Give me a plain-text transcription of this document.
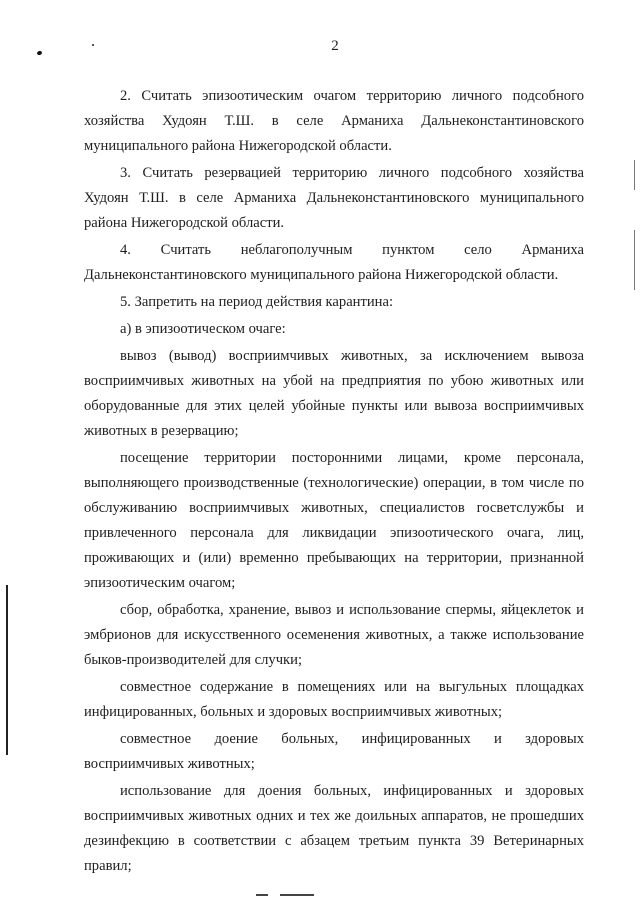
2

2. Считать эпизоотическим очагом территорию личного подсобного хозяйства Худоян Т.Ш. в селе Арманиха Дальнеконстантиновского муниципального района Нижегородской области.

3. Считать резервацией территорию личного подсобного хозяйства Худоян Т.Ш. в селе Арманиха Дальнеконстантиновского муниципального района Нижегородской области.

4. Считать неблагополучным пунктом село Арманиха Дальнеконстантиновского муниципального района Нижегородской области.

5. Запретить на период действия карантина:

а) в эпизоотическом очаге:

вывоз (вывод) восприимчивых животных, за исключением вывоза восприимчивых животных на убой на предприятия по убою животных или оборудованные для этих целей убойные пункты или вывоза восприимчивых животных в резервацию;

посещение территории посторонними лицами, кроме персонала, выполняющего производственные (технологические) операции, в том числе по обслуживанию восприимчивых животных, специалистов госветслужбы и привлеченного персонала для ликвидации эпизоотического очага, лиц, проживающих и (или) временно пребывающих на территории, признанной эпизоотическим очагом;

сбор, обработка, хранение, вывоз и использование спермы, яйцеклеток и эмбрионов для искусственного осеменения животных, а также использование быков-производителей для случки;

совместное содержание в помещениях или на выгульных площадках инфицированных, больных и здоровых восприимчивых животных;

совместное доение больных, инфицированных и здоровых восприимчивых животных;

использование для доения больных, инфицированных и здоровых восприимчивых животных одних и тех же доильных аппаратов, не прошедших дезинфекцию в соответствии с абзацем третьим пункта 39 Ветеринарных правил;
